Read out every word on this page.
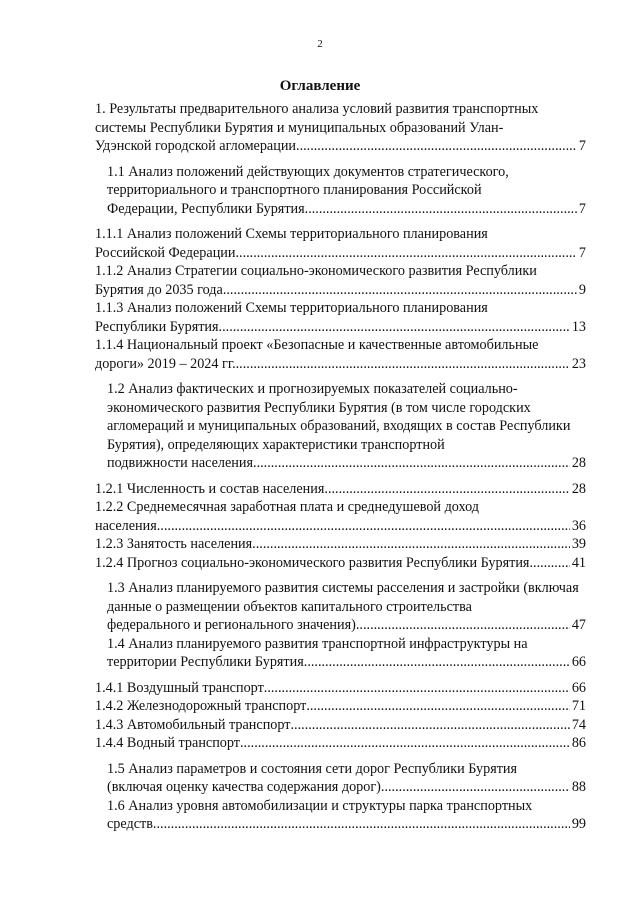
2
Оглавление
1. Результаты предварительного анализа условий развития транспортных системы Республики Бурятия и муниципальных образований Улан-
Удэнской городской агломерации .....	7
1.1 Анализ положений действующих документов стратегического, территориального и транспортного планирования Российской
Федерации, Республики Бурятия .....	7
1.1.1 Анализ положений Схемы территориального планирования
Российской Федерации .....	7
1.1.2 Анализ Стратегии социально-экономического развития Республики
Бурятия до 2035 года .....	9
1.1.3 Анализ положений Схемы территориального планирования
Республики Бурятия .....	13
1.1.4 Национальный проект «Безопасные и качественные автомобильные
дороги» 2019 – 2024 гг. .....	23
1.2 Анализ фактических и прогнозируемых показателей социально-экономического развития Республики Бурятия (в том числе городских агломераций и муниципальных образований, входящих в состав Республики Бурятия), определяющих характеристики транспортной
подвижности населения .....	28
1.2.1 Численность и состав населения .....	28
1.2.2 Среднемесячная заработная плата и среднедушевой доход
населения .....	36
1.2.3 Занятость населения .....	39
1.2.4 Прогноз социально-экономического развития Республики Бурятия .....	41
1.3 Анализ планируемого развития системы расселения и застройки (включая данные о размещении объектов капитального строительства
федерального и регионального значения) .....	47
1.4 Анализ планируемого развития транспортной инфраструктуры на
территории Республики Бурятия .....	66
1.4.1 Воздушный транспорт .....	66
1.4.2 Железнодорожный транспорт .....	71
1.4.3 Автомобильный транспорт .....	74
1.4.4 Водный транспорт .....	86
1.5 Анализ параметров и состояния сети дорог Республики Бурятия
(включая оценку качества содержания дорог) .....	88
1.6 Анализ уровня автомобилизации и структуры парка транспортных
средств .....	99
